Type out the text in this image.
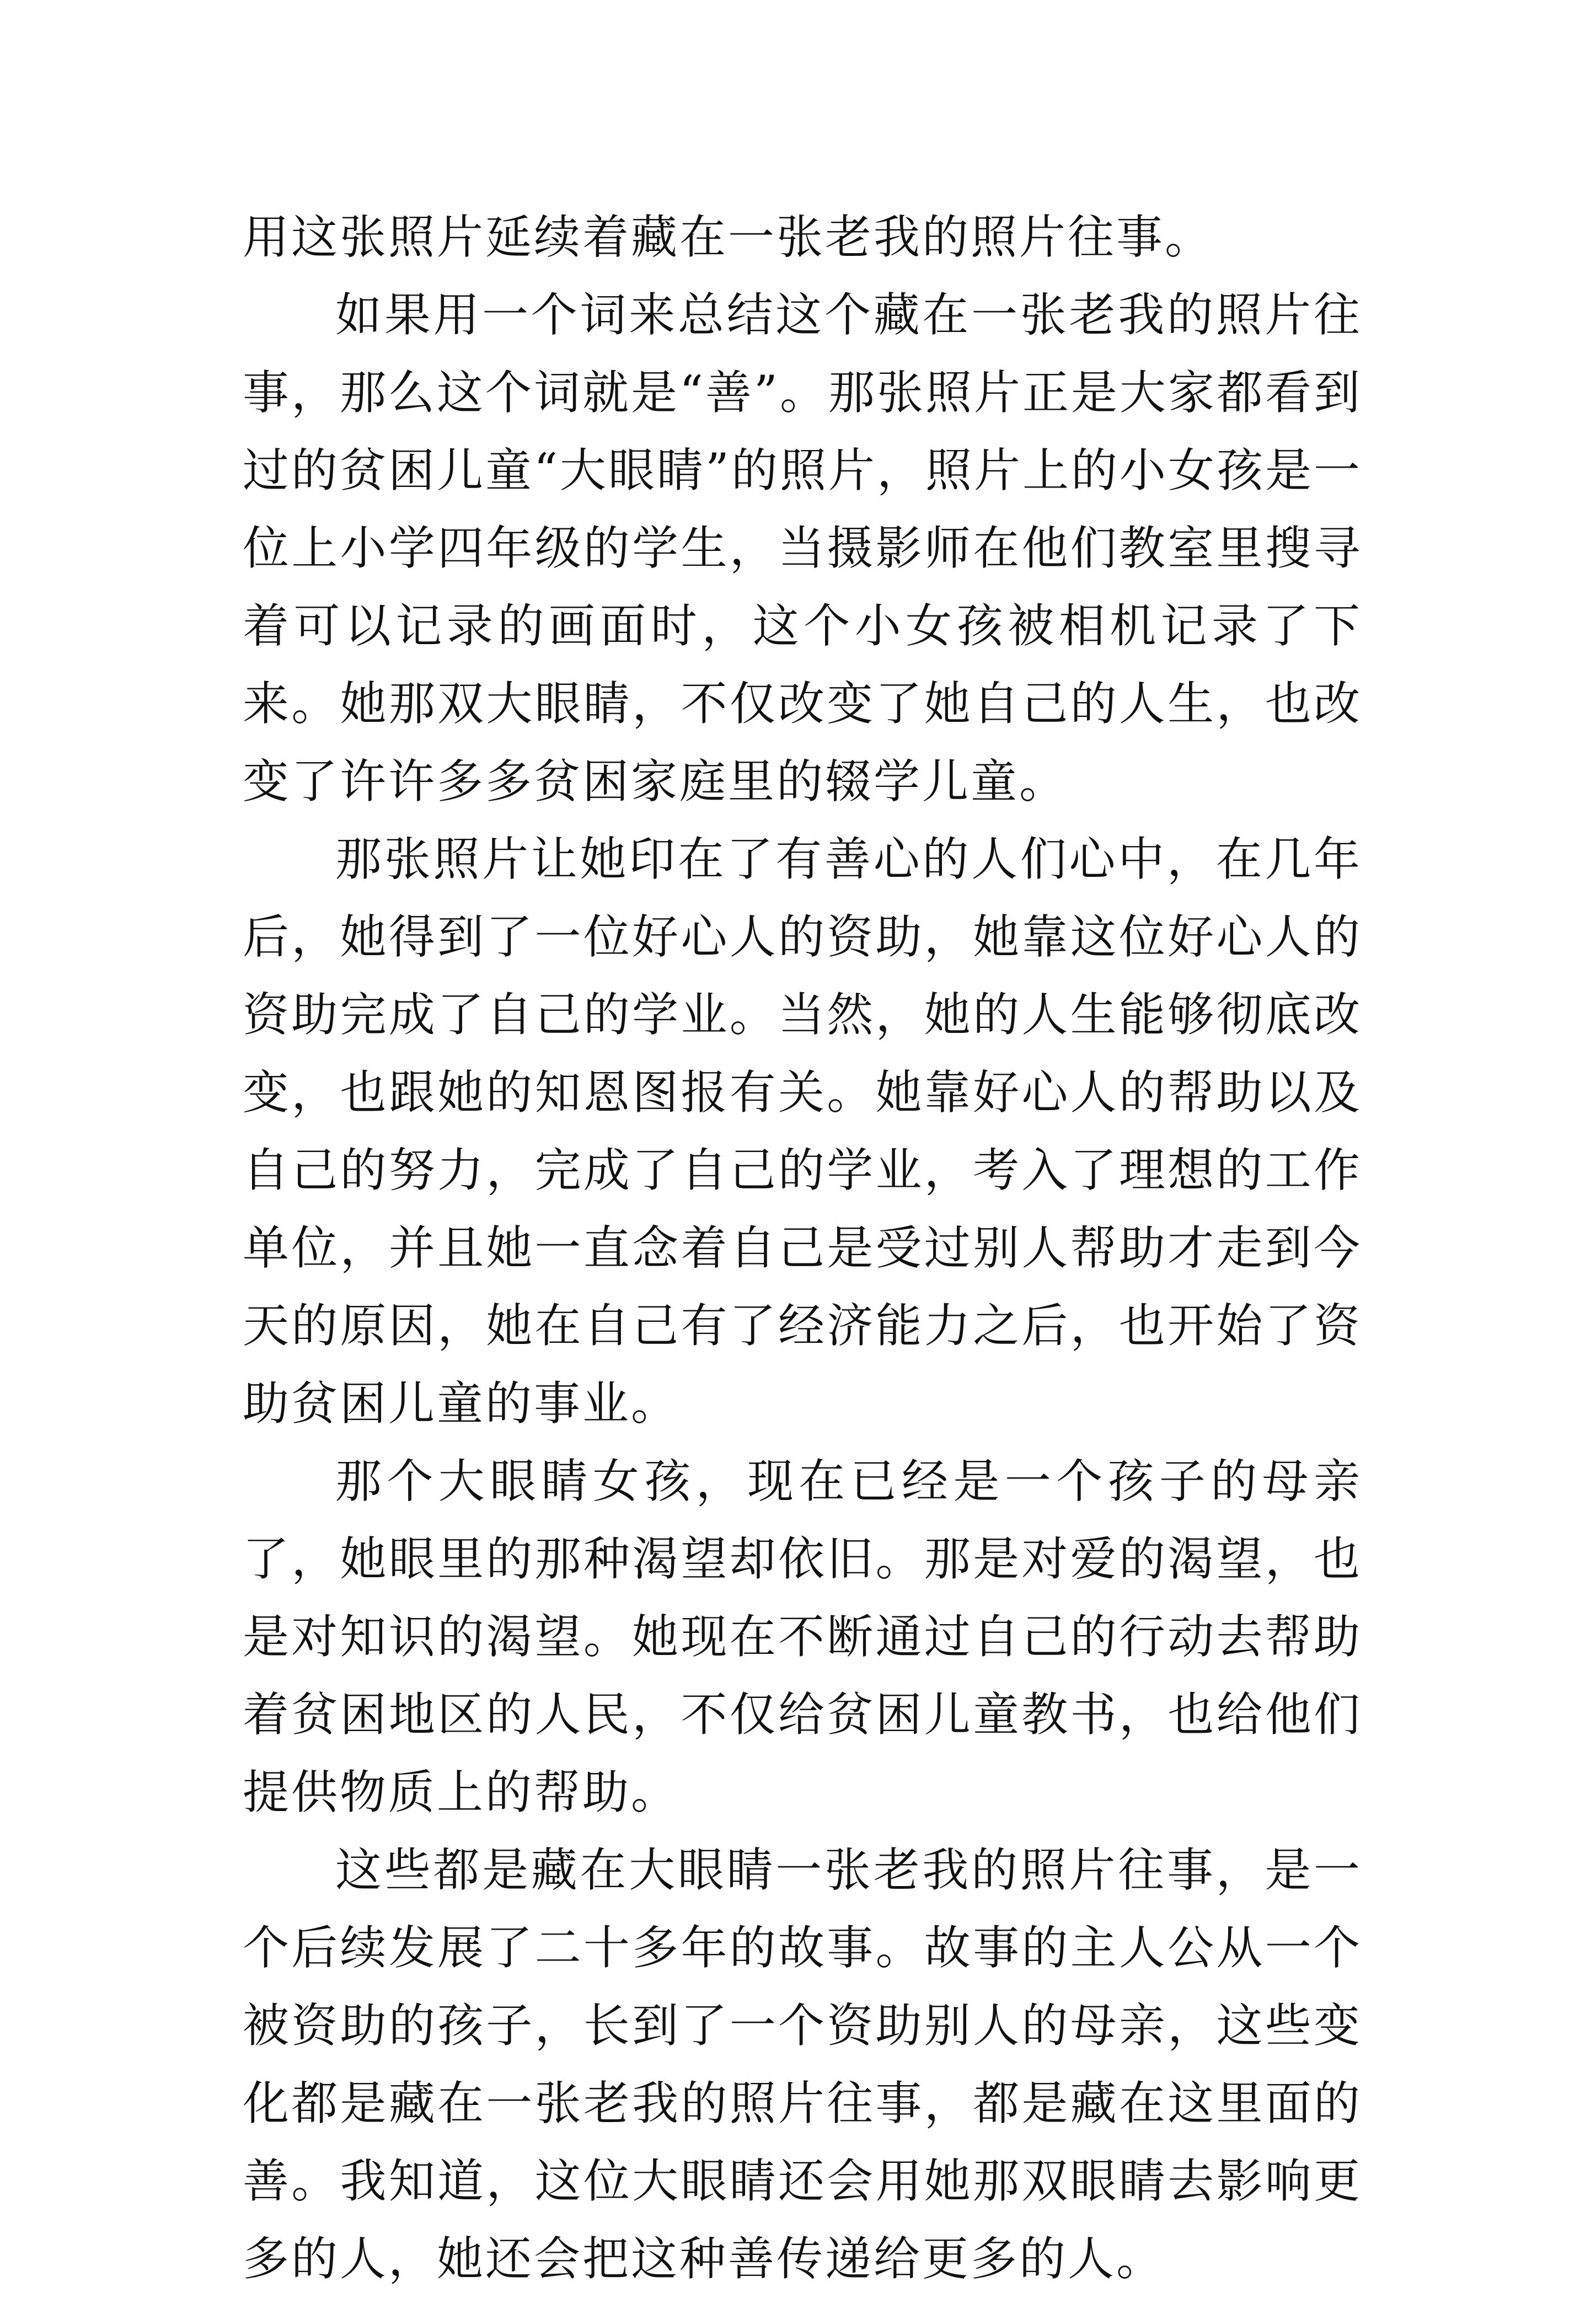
用这张照片延续着藏在一张老我的照片往事。

如果用一个词来总结这个藏在一张老我的照片往事，那么这个词就是“善”。那张照片正是大家都看到过的贫困儿童“大眼睛”的照片，照片上的小女孩是一位上小学四年级的学生，当摄影师在他们教室里搜寻着可以记录的画面时，这个小女孩被相机记录了下来。她那双大眼睛，不仅改变了她自己的人生，也改变了许许多多贫困家庭里的辍学儿童。

那张照片让她印在了有善心的人们心中，在几年后，她得到了一位好心人的资助，她靠这位好心人的资助完成了自己的学业。当然，她的人生能够彻底改变，也跟她的知恩图报有关。她靠好心人的帮助以及自己的努力，完成了自己的学业，考入了理想的工作单位，并且她一直念着自己是受过别人帮助才走到今天的原因，她在自己有了经济能力之后，也开始了资助贫困儿童的事业。

那个大眼睛女孩，现在已经是一个孩子的母亲了，她眼里的那种渴望却依旧。那是对爱的渴望，也是对知识的渴望。她现在不断通过自己的行动去帮助着贫困地区的人民，不仅给贫困儿童教书，也给他们提供物质上的帮助。

这些都是藏在大眼睛一张老我的照片往事，是一个后续发展了二十多年的故事。故事的主人公从一个被资助的孩子，长到了一个资助别人的母亲，这些变化都是藏在一张老我的照片往事，都是藏在这里面的善。我知道，这位大眼睛还会用她那双眼睛去影响更多的人，她还会把这种善传递给更多的人。
